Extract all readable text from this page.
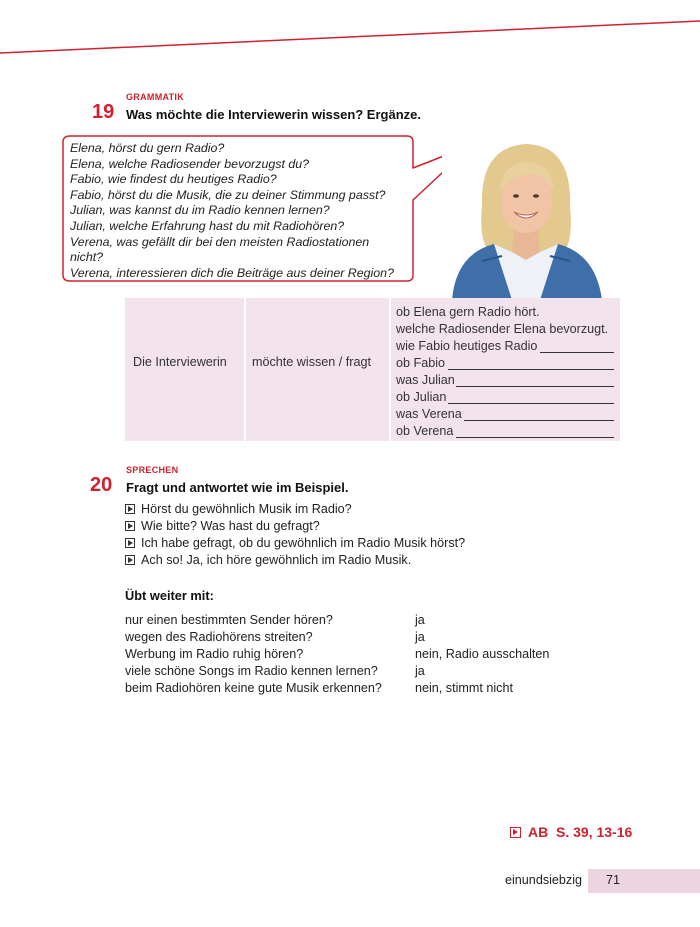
GRAMMATIK
19 Was möchte die Interviewerin wissen? Ergänze.
Elena, hörst du gern Radio?
Elena, welche Radiosender bevorzugst du?
Fabio, wie findest du heutiges Radio?
Fabio, hörst du die Musik, die zu deiner Stimmung passt?
Julian, was kannst du im Radio kennen lernen?
Julian, welche Erfahrung hast du mit Radiohören?
Verena, was gefällt dir bei den meisten Radiostationen
nicht?
Verena, interessieren dich die Beiträge aus deiner Region?
Die Interviewerin möchte wissen / fragt
ob Elena gern Radio hört.
welche Radiosender Elena bevorzugt.
wie Fabio heutiges Radio
ob Fabio
was Julian
ob Julian
was Verena
ob Verena
SPRECHEN
20 Fragt und antwortet wie im Beispiel.
Hörst du gewöhnlich Musik im Radio?
Wie bitte? Was hast du gefragt?
Ich habe gefragt, ob du gewöhnlich im Radio Musik hörst?
Ach so! Ja, ich höre gewöhnlich im Radio Musik.
Übt weiter mit:
nur einen bestimmten Sender hören?	ja
wegen des Radiohörens streiten?	ja
Werbung im Radio ruhig hören?	nein, Radio ausschalten
viele schöne Songs im Radio kennen lernen?	ja
beim Radiohören keine gute Musik erkennen?	nein, stimmt nicht
AB  S. 39, 13-16
einundsiebzig 71
